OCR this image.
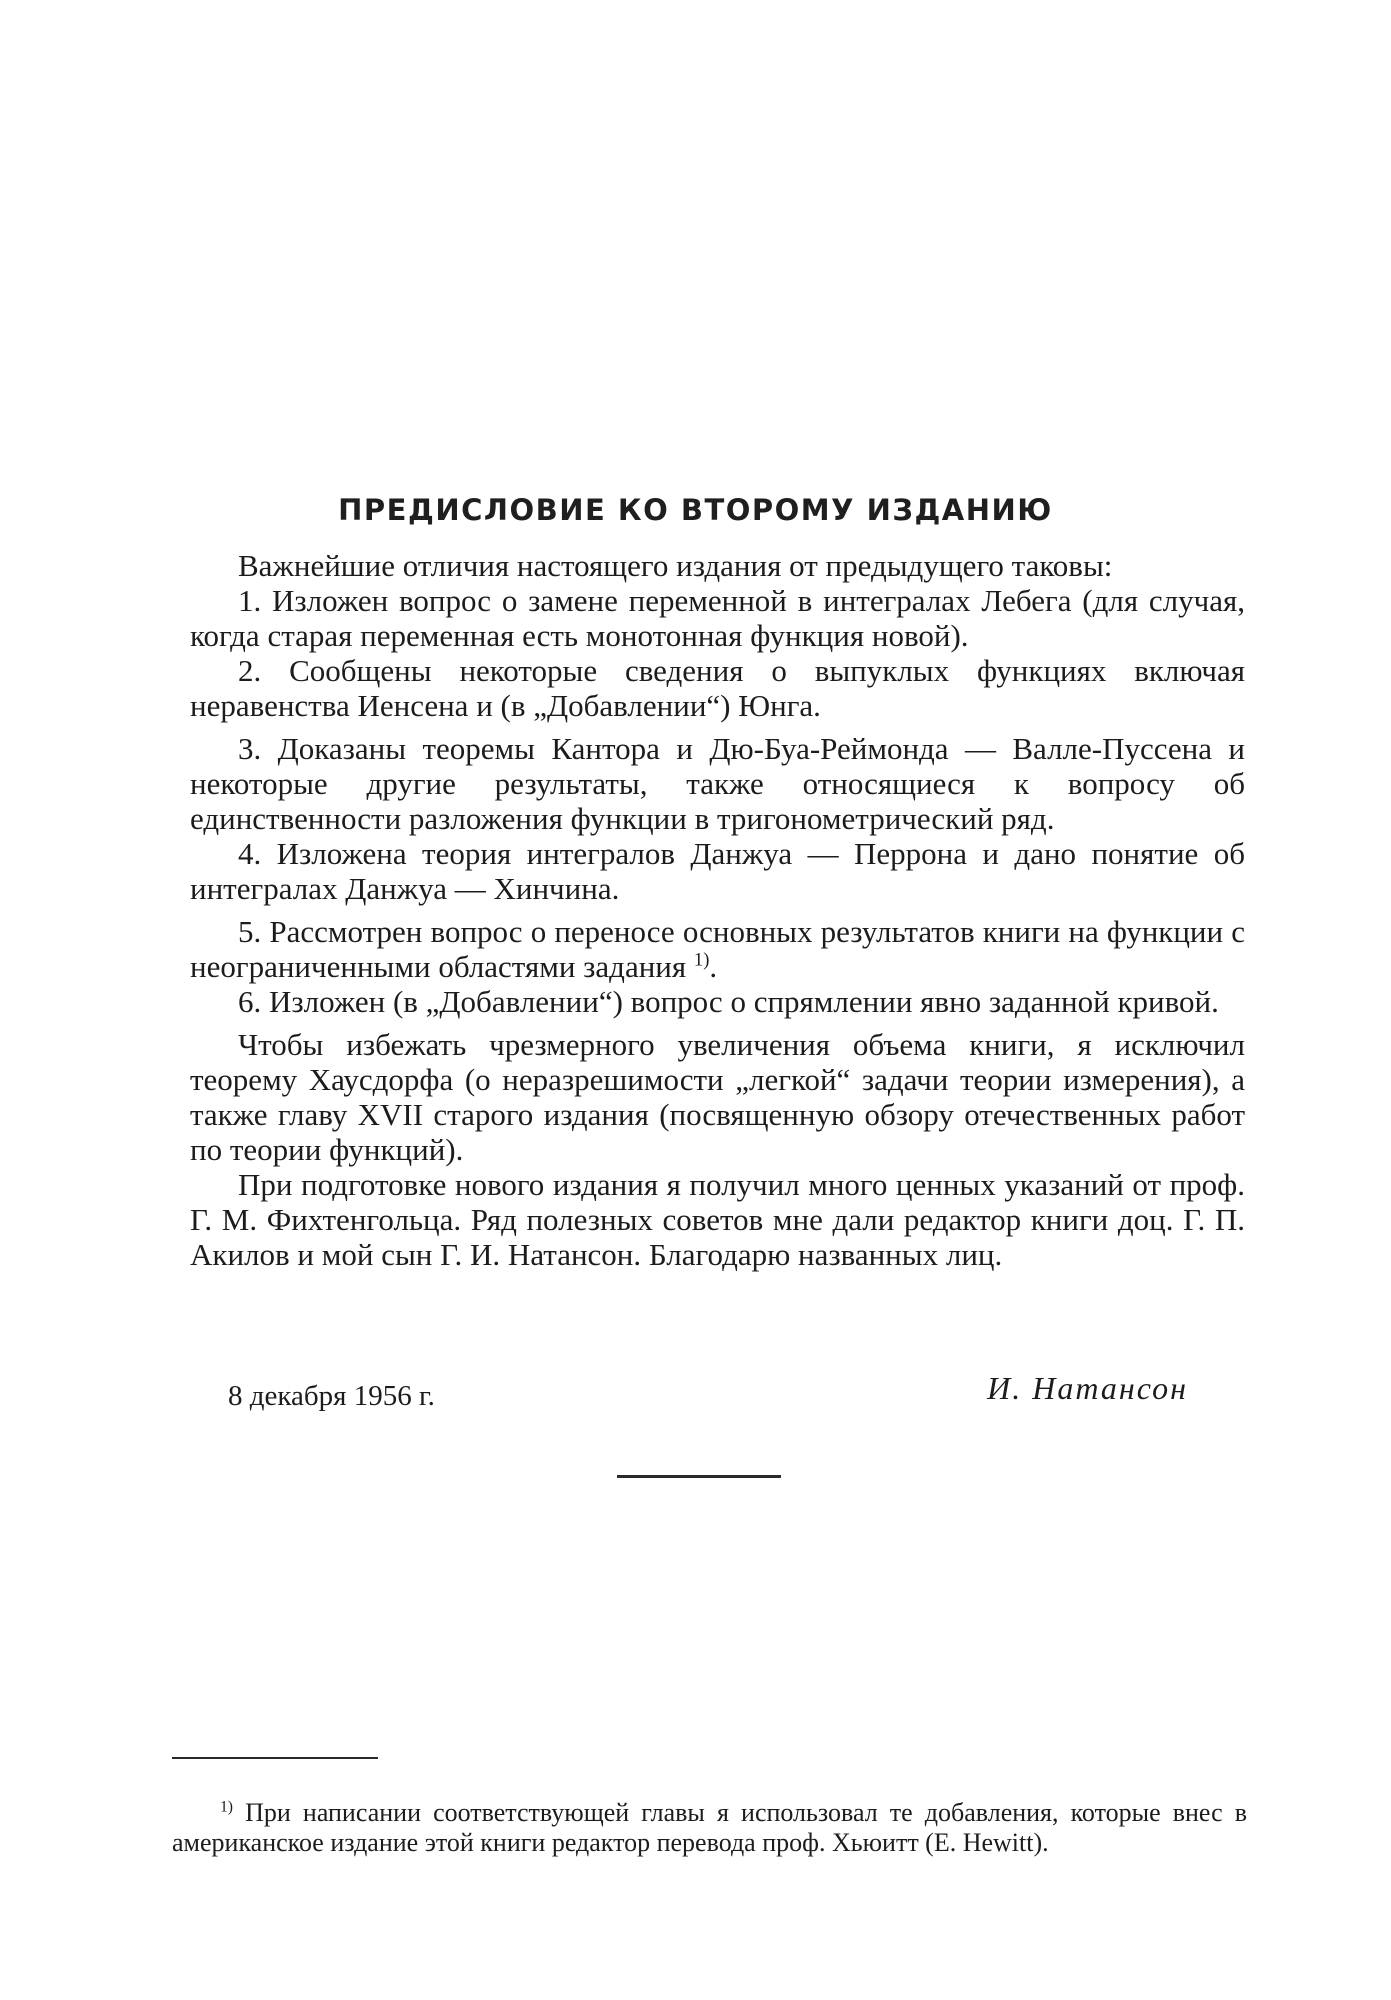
ПРЕДИСЛОВИЕ КО ВТОРОМУ ИЗДАНИЮ

Важнейшие отличия настоящего издания от предыдущего таковы:

1. Изложен вопрос о замене переменной в интегралах Лебега (для случая, когда старая переменная есть монотонная функция новой).

2. Сообщены некоторые сведения о выпуклых функциях включая неравенства Иенсена и (в „Добавлении“) Юнга.

3. Доказаны теоремы Кантора и Дю-Буа-Реймонда — Валле-Пуссена и некоторые другие результаты, также относящиеся к вопросу об единственности разложения функции в тригонометрический ряд.

4. Изложена теория интегралов Данжуа — Перрона и дано понятие об интегралах Данжуа — Хинчина.

5. Рассмотрен вопрос о переносе основных результатов книги на функции с неограниченными областями задания $^{1)}$.

6. Изложен (в „Добавлении“) вопрос о спрямлении явно заданной кривой.

Чтобы избежать чрезмерного увеличения объема книги, я исключил теорему Хаусдорфа (о неразрешимости „легкой“ задачи теории измерения), а также главу XVII старого издания (посвященную обзору отечественных работ по теории функций).

При подготовке нового издания я получил много ценных указаний от проф. Г. М. Фихтенгольца. Ряд полезных советов мне дали редактор книги доц. Г. П. Акилов и мой сын Г. И. Натансон. Благодарю названных лиц.

8 декабря 1956 г.	И. Натансон

$^{1)}$ При написании соответствующей главы я использовал те добавления, которые внес в американское издание этой книги редактор перевода проф. Хьюитт (E. Hewitt).
